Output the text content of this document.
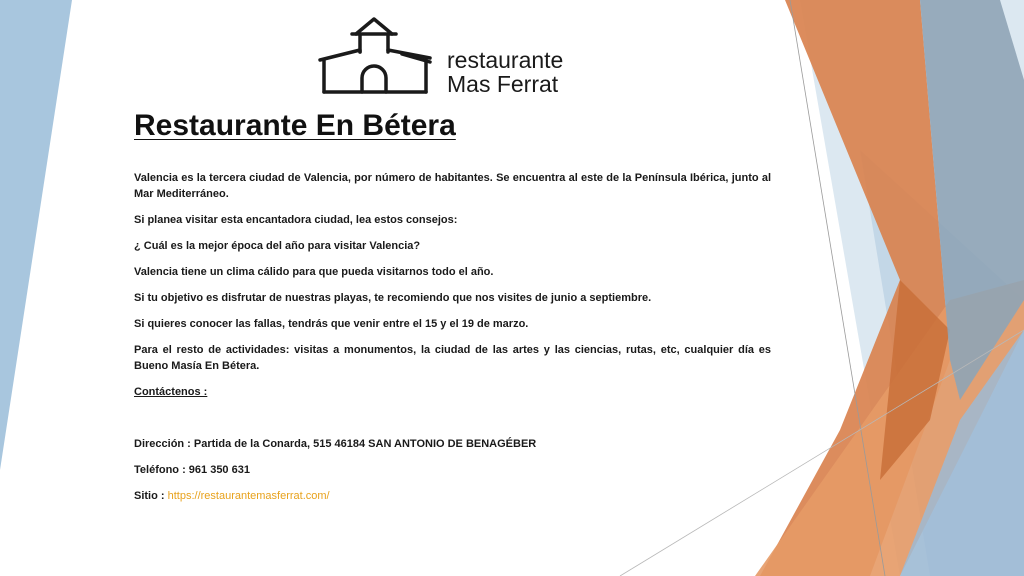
restaurante
Mas Ferrat
Restaurante En Bétera

Valencia es la tercera ciudad de Valencia, por número de habitantes. Se encuentra al este de la Península Ibérica, junto al Mar Mediterráneo.

Si planea visitar esta encantadora ciudad, lea estos consejos:

¿ Cuál es la mejor época del año para visitar Valencia?

Valencia tiene un clima cálido para que pueda visitarnos todo el año.

Si tu objetivo es disfrutar de nuestras playas, te recomiendo que nos visites de junio a septiembre.

Si quieres conocer las fallas, tendrás que venir entre el 15 y el 19 de marzo.

Para el resto de actividades: visitas a monumentos, la ciudad de las artes y las ciencias, rutas, etc, cualquier día es Bueno Masía En Bétera.

Contáctenos :

Dirección : Partida de la Conarda, 515 46184 SAN ANTONIO DE BENAGÉBER

Teléfono : 961 350 631

Sitio : https://restaurantemasferrat.com/
